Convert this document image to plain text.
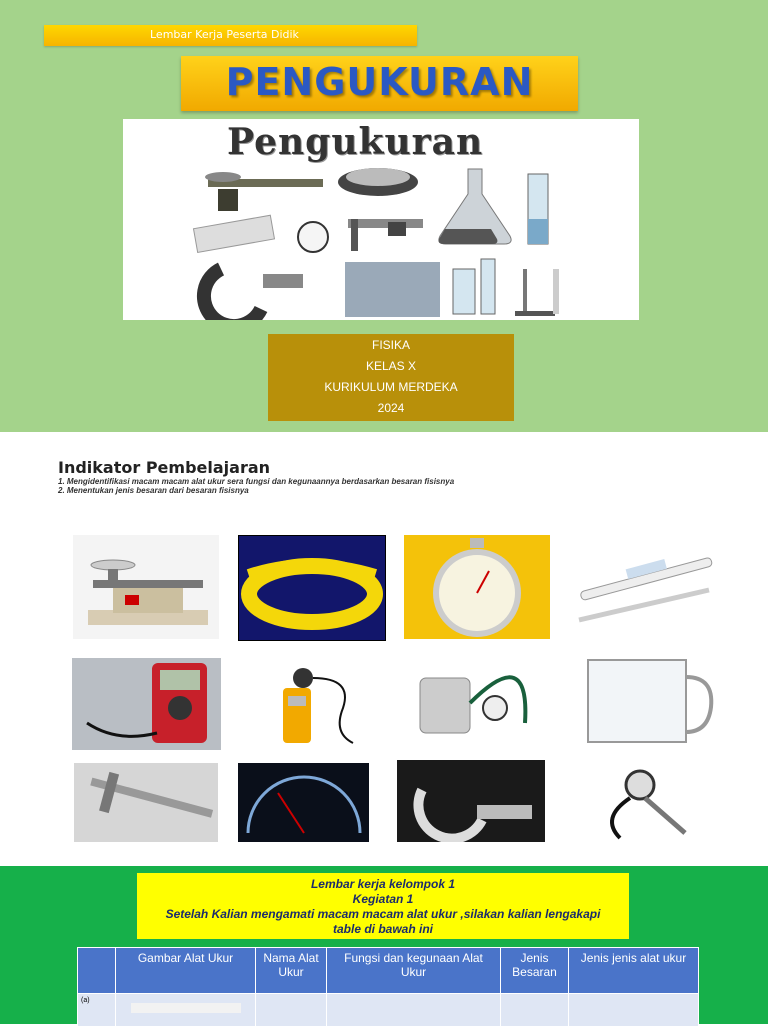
Lembar Kerja Peserta Didik
PENGUKURAN
Pengukuran
FISIKA
KELAS X
KURIKULUM MERDEKA
2024
Indikator Pembelajaran

1. Mengidentifikasi macam macam alat ukur sera fungsi dan kegunaannya berdasarkan besaran fisisnya

2. Menentukan jenis besaran dari besaran fisisnya

Lembar kerja kelompok 1
Kegiatan 1
Setelah Kalian mengamati macam macam alat ukur ,silakan kalian lengakapi
table di bawah ini
	Gambar Alat Ukur	Nama Alat Ukur	Fungsi dan kegunaan Alat Ukur	Jenis Besaran	Jenis jenis alat ukur
(a)	
